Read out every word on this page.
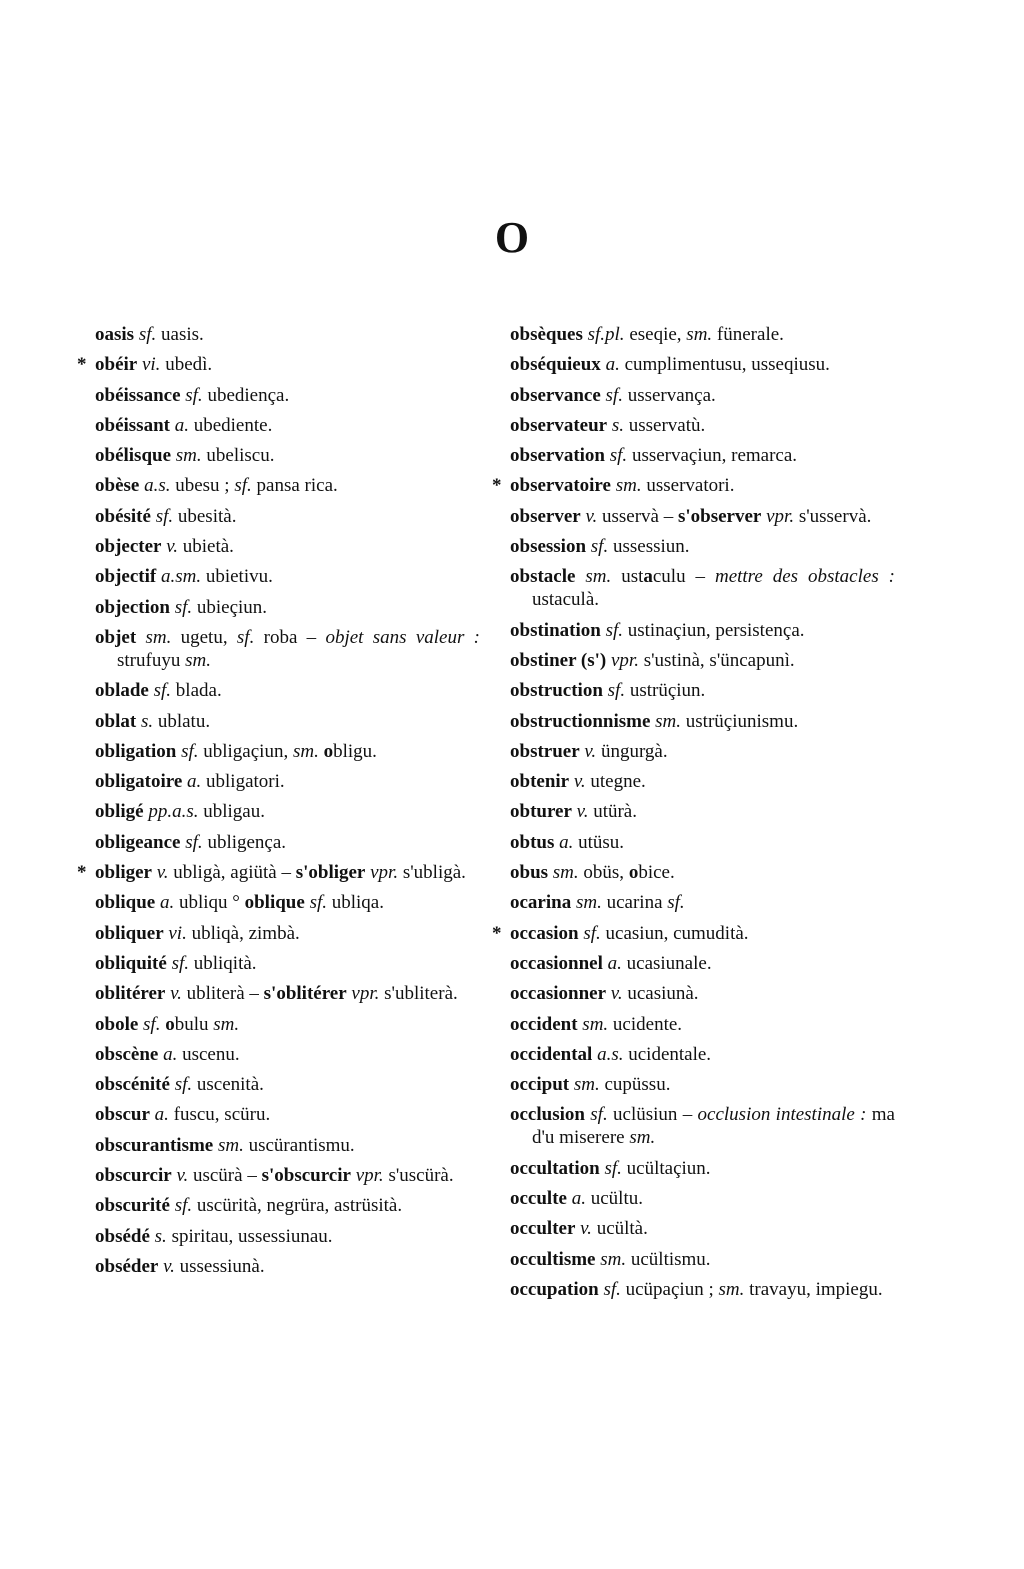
O
oasis sf. uasis.
* obéir vi. ubedì.
obéissance sf. ubediença.
obéissant a. ubediente.
obélisque sm. ubeliscu.
obèse a.s. ubesu ; sf. pansa rica.
obésité sf. ubesità.
objecter v. ubietà.
objectif a.sm. ubietivu.
objection sf. ubieçiun.
objet sm. ugetu, sf. roba – objet sans valeur : strufuyu sm.
oblade sf. blada.
oblat s. ublatu.
obligation sf. ubligaçiun, sm. obligu.
obligatoire a. ubligatori.
obligé pp.a.s. ubligau.
obligeance sf. ubligença.
* obliger v. ubligà, agiütà – s'obliger vpr. s'ubligà.
oblique a. ubliqu ° oblique sf. ubliqa.
obliquer vi. ubliqà, zimbà.
obliquité sf. ubliqità.
oblitérer v. ubliterà – s'oblitérer vpr. s'ubliterà.
obole sf. obulu sm.
obscène a. uscenu.
obscénité sf. uscenità.
obscur a. fuscu, scüru.
obscurantisme sm. uscürantismu.
obscurcir v. uscürà – s'obscurcir vpr. s'uscürà.
obscurité sf. uscürità, negrüra, astrüsità.
obsédé s. spiritau, ussessiunau.
obséder v. ussessiunà.
obsèques sf.pl. eseqie, sm. fünerale.
obséquieux a. cumplimentusu, usseqiusu.
observance sf. usservança.
observateur s. usservatù.
observation sf. usservaçiun, remarca.
* observatoire sm. usservatori.
observer v. usservà – s'observer vpr. s'usservà.
obsession sf. ussessiun.
obstacle sm. ustaculu – mettre des obstacles : ustaculà.
obstination sf. ustinaçiun, persistença.
obstiner (s') vpr. s'ustinà, s'üncapunì.
obstruction sf. ustrüçiun.
obstructionnisme sm. ustrüçiunismu.
obstruer v. üngurgà.
obtenir v. utegne.
obturer v. utürà.
obtus a. utüsu.
obus sm. obüs, obice.
ocarina sm. ucarina sf.
* occasion sf. ucasiun, cumudità.
occasionnel a. ucasiunale.
occasionner v. ucasiunà.
occident sm. ucidente.
occidental a.s. ucidentale.
occiput sm. cupüssu.
occlusion sf. uclüsiun – occlusion intestinale : ma d'u miserere sm.
occultation sf. ucültaçiun.
occulte a. ucültu.
occulter v. ucültà.
occultisme sm. ucültismu.
occupation sf. ucüpaçiun ; sm. travayu, impiegu.
